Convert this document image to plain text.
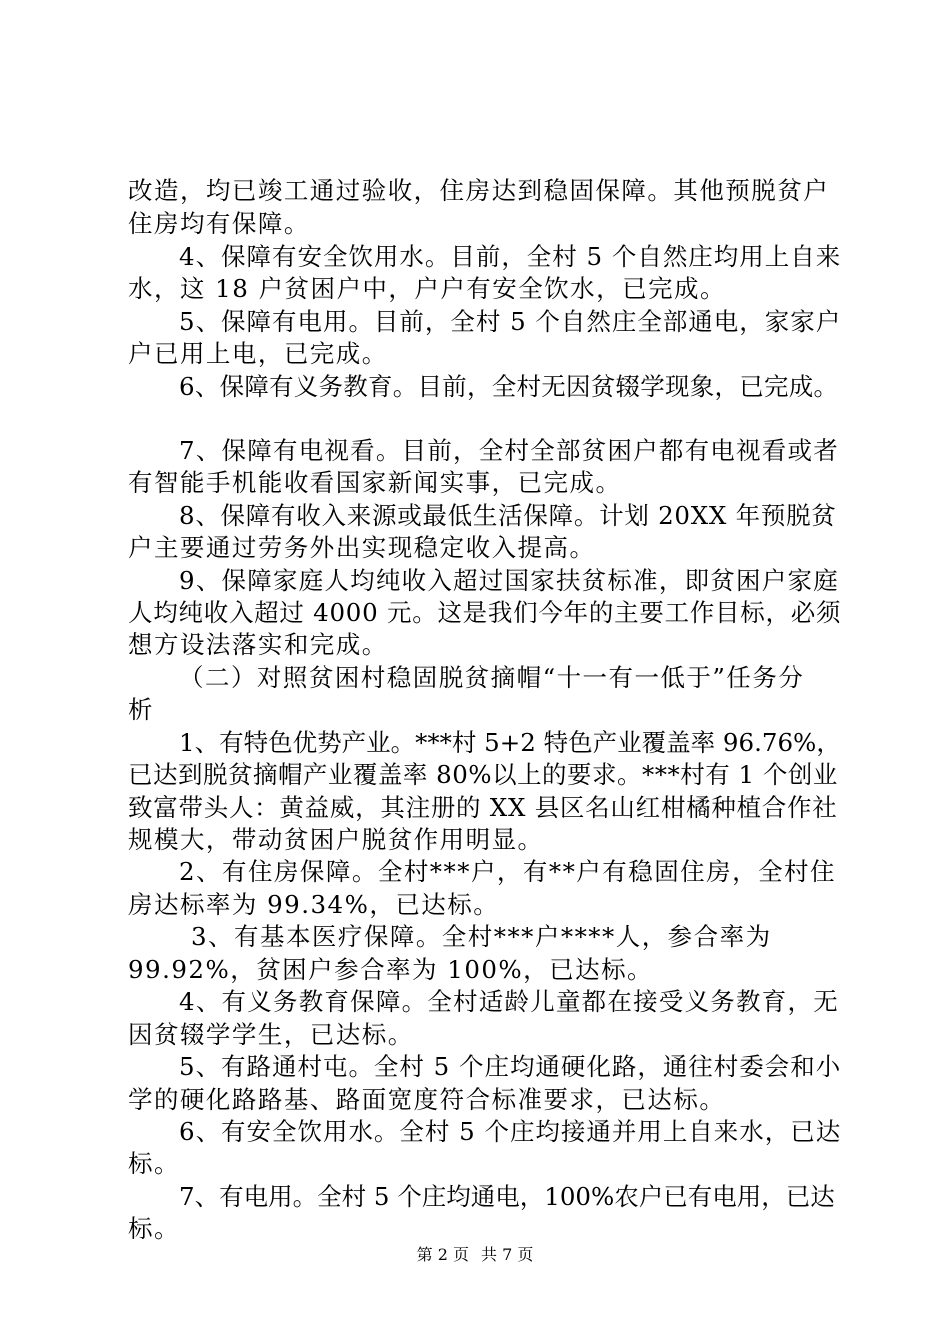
改造，均已竣工通过验收，住房达到稳固保障。其他预脱贫户
住房均有保障。
4、保障有安全饮用水。目前，全村 5 个自然庄均用上自来
水，这 18 户贫困户中，户户有安全饮水，已完成。
5、保障有电用。目前，全村 5 个自然庄全部通电，家家户
户已用上电，已完成。
6、保障有义务教育。目前，全村无因贫辍学现象，已完成。
7、保障有电视看。目前，全村全部贫困户都有电视看或者
有智能手机能收看国家新闻实事，已完成。
8、保障有收入来源或最低生活保障。计划 20XX 年预脱贫
户主要通过劳务外出实现稳定收入提高。
9、保障家庭人均纯收入超过国家扶贫标准，即贫困户家庭
人均纯收入超过 4000 元。这是我们今年的主要工作目标，必须
想方设法落实和完成。
（二）对照贫困村稳固脱贫摘帽“十一有一低于”任务分
析
1、有特色优势产业。***村 5+2 特色产业覆盖率 96.76%，
已达到脱贫摘帽产业覆盖率 80%以上的要求。***村有 1 个创业
致富带头人：黄益威，其注册的 XX 县区名山红柑橘种植合作社
规模大，带动贫困户脱贫作用明显。
2、有住房保障。全村***户，有**户有稳固住房，全村住
房达标率为 99.34%，已达标。
3、有基本医疗保障。全村***户****人，参合率为
99.92%，贫困户参合率为 100%，已达标。
4、有义务教育保障。全村适龄儿童都在接受义务教育，无
因贫辍学学生，已达标。
5、有路通村屯。全村 5 个庄均通硬化路，通往村委会和小
学的硬化路路基、路面宽度符合标准要求，已达标。
6、有安全饮用水。全村 5 个庄均接通并用上自来水，已达
标。
7、有电用。全村 5 个庄均通电，100%农户已有电用，已达
标。
第 2 页 共 7 页
